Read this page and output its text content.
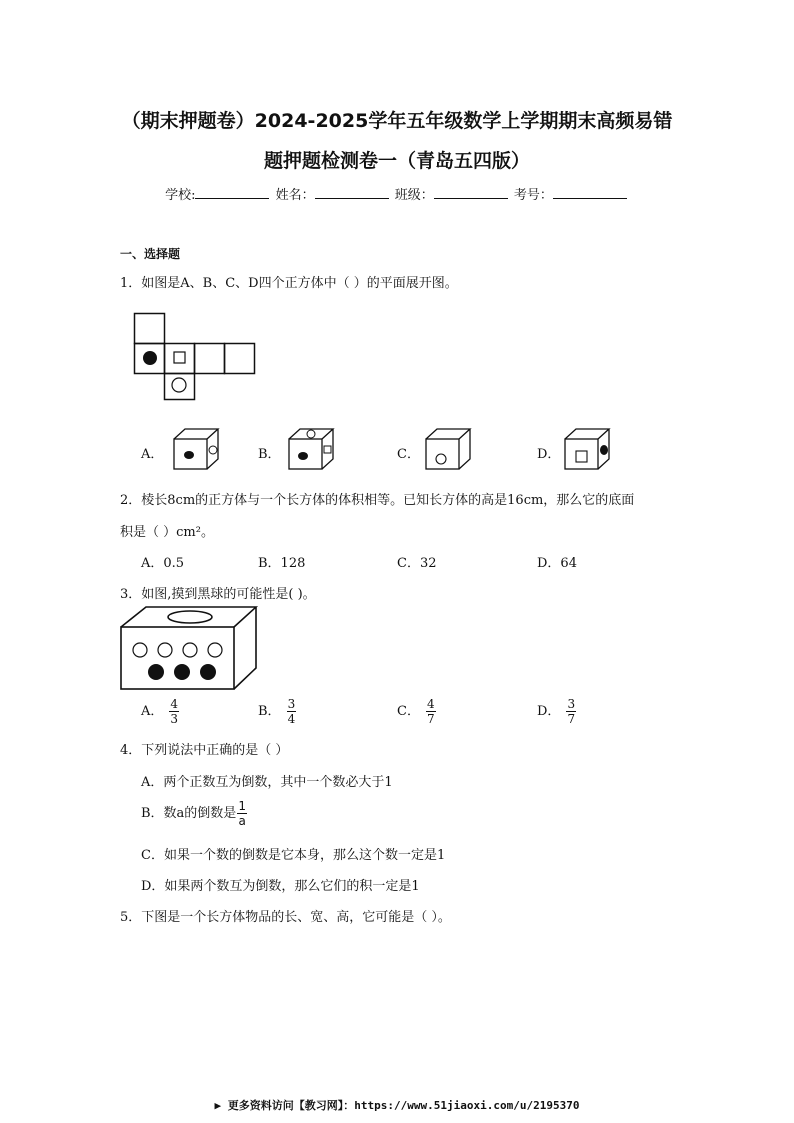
（期末押题卷）2024-2025学年五年级数学上学期期末高频易错
题押题检测卷一（青岛五四版）
学校:	姓名：	班级：	考号：
一、选择题
1．如图是A、B、C、D四个正方体中（ ）的平面展开图。
A．	B．	C．	D．
2．棱长8cm的正方体与一个长方体的体积相等。已知长方体的高是16cm，那么它的底面
积是（ ）cm²。
A．0.5	B．128	C．32	D．64
3．如图,摸到黑球的可能性是( )。
A． $\frac{4}{3}$	B． $\frac{3}{4}$	C． $\frac{4}{7}$	D． $\frac{3}{7}$
4．下列说法中正确的是（ ）
A．两个正数互为倒数，其中一个数必大于1
B．数a的倒数是 $\frac{1}{a}$
C．如果一个数的倒数是它本身，那么这个数一定是1
D．如果两个数互为倒数，那么它们的积一定是1
5．下图是一个长方体物品的长、宽、高，它可能是（ ）。
▶ 更多资料访问【教习网】：https://www.51jiaoxi.com/u/2195370
